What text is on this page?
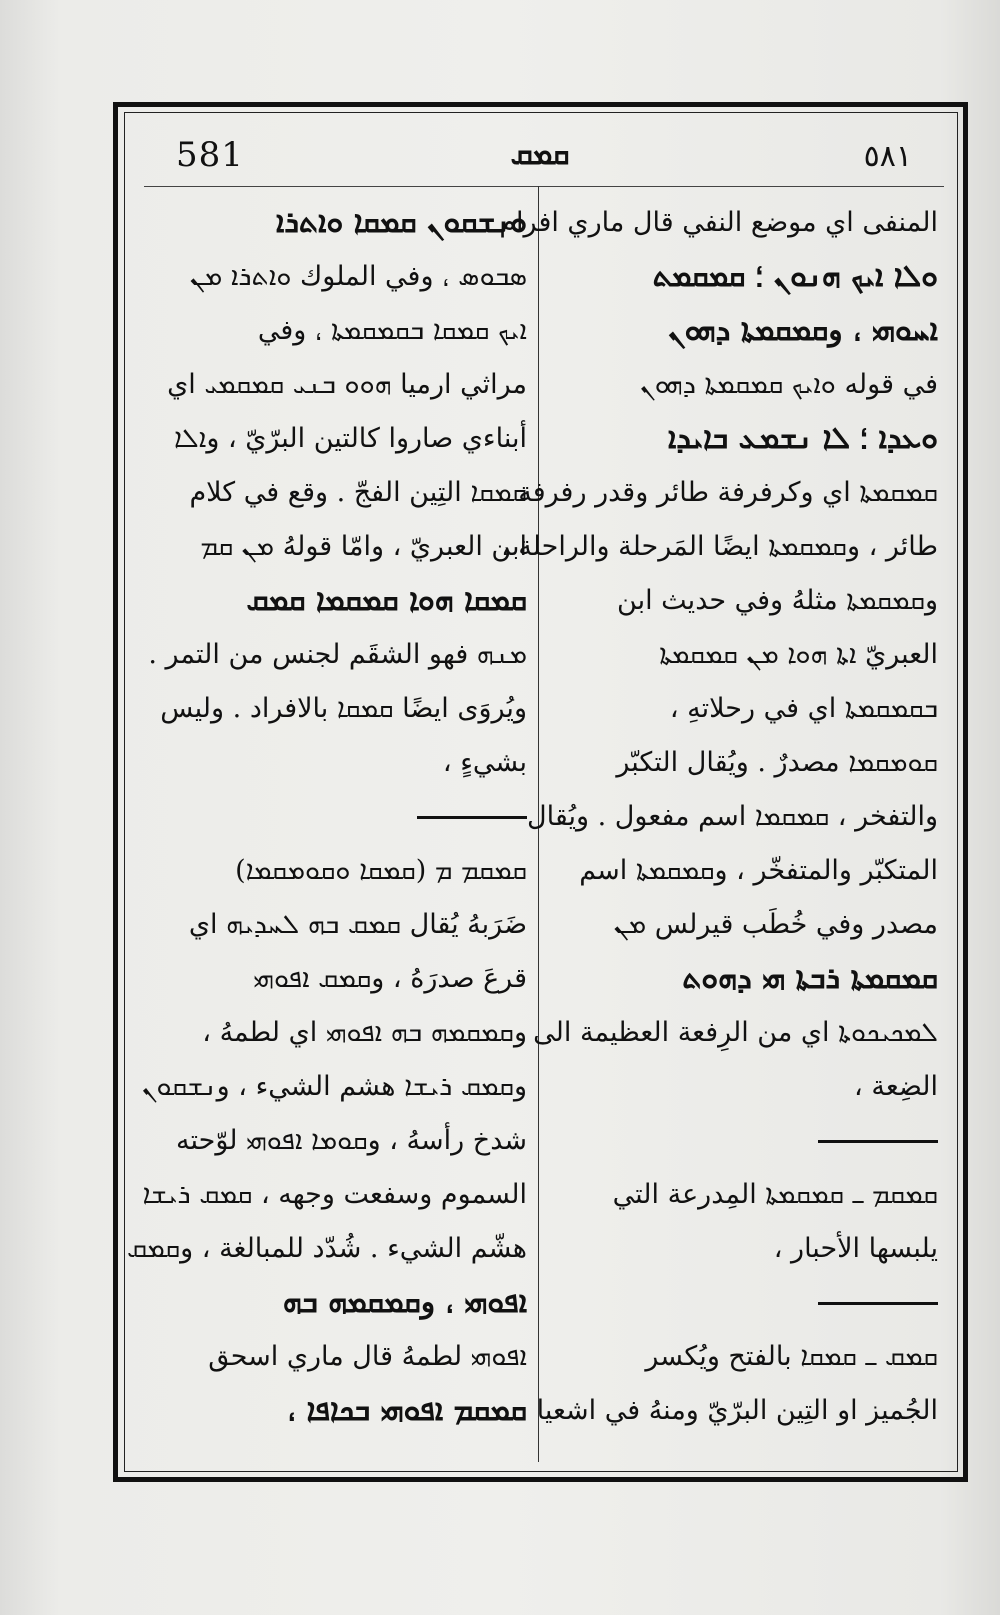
581	ܩܡܩ	٥٨١
المنفى اي موضع النفي قال ماري افرام
ܘܠܐ ܐܝܟ ܗܢܘܢ ؛ ܩܡܩܡܬ
ܐܚܘܗܝ ، وܩܡܩܡܬܐ ܕܗܘܢ
في قوله ܘܐܝܟ ܩܡܩܡܬܐ ܕܗܘܢ
ܘܥܕܐ ؛ ܠܐ ܢܫܡܥ ܒܐܝܕܐ
ܩܡܩܡܬܐ اي وكرفرفة طائر وقدر رفرفة
طائر ، وܩܡܩܡܬܐ ايضًا المَرحلة والراحلة ،
وܩܡܩܡܬܐ مثلهُ وفي حديث ابن
العبريّ ܐܬܐ ܗܘܐ ܡܢ ܩܡܩܡܬܐ
ܒܩܡܩܡܬܐ اي في رحلاتهِ ،
ܩܘܡܩܡܐ مصدرٌ . ويُقال التكبّر
والتفخر ، ܩܡܩܡܐ اسم مفعول . ويُقال
المتكبّر والمتفخّر ، وܩܡܩܡܬܐ اسم
مصدر وفي خُطَب قيرلس ܡܢ
ܩܡܩܡܬܐ ܪܒܬܐ ܗܝ ܕܗܘܬ
ܠܡܟܝܟܘܬܐ اي من الرِفعة العظيمة الى
الضِعة ،
ܩܡܩܡ ـ ܩܡܩܡܬܐ المِدرعة التي
يلبسها الأحبار ،
ܩܡܩ ـ ܩܡܩܐ بالفتح ويُكسر
الجُميز او التِين البرّيّ ومنهُ في اشعيا
ܘܢܫܩܘܢ ܩܡܩܐ ܘܐܬܪܐ
ܣܒܘܣ ، وفي الملوك ܘܐܬܪܐ ܡܢ
ܐܝܟ ܩܡܩܐ ܒܩܡܩܡܬܐ ، وفي
مراثي ارميا ܗܘܘ ܒܢܝ ܩܡܩܡܝ اي
أبناءي صاروا كالتين البرّيّ ، وܐܠܐ
ܩܡܩܐ التِين الفجّ . وقع في كلام
ابن العبريّ ، وامّا قولهُ ܡܢ ܩܡ
ܩܡܩܐ ܗܘܐ ܩܡܩܡܐ ܩܡܩ
ܡܢܗ فهو الشقَم لجنس من التمر .
ويُروَى ايضًا ܩܡܩܐ بالافراد . وليس
بشيءٍ ،
ܩܡܩܡ ܡ (ܩܡܩܐ ܘܩܘܡܩܡܐ)
ضَرَبهُ يُقال ܩܡܩ ܒܗ ܠܚܕܝܗ اي
قرعَ صدرَهُ ، وܩܡܩ ܐܦܘܗܝ
وܩܡܩܡܗ ܒܗ ܐܦܘܗܝ اي لطمهُ ،
وܩܡܩ ܪܝܫܐ هشم الشيء ، وܢܫܩܘܢ
شدخ رأسهُ ، وܩܘܡܐ ܐܦܘܗܝ لوّحته
السموم وسفعت وجهه ، ܩܡܩ ܪܝܫܐ
هشّم الشيء . شُدّد للمبالغة ، وܩܡܩ
ܐܦܘܗܝ ، وܩܡܩܡܗ ܒܗ
ܐܦܘܗܝ لطمهُ قال ماري اسحق
ܩܡܩܡ ܐܦܘܗܝ ܒܟܐܦܐ ،
